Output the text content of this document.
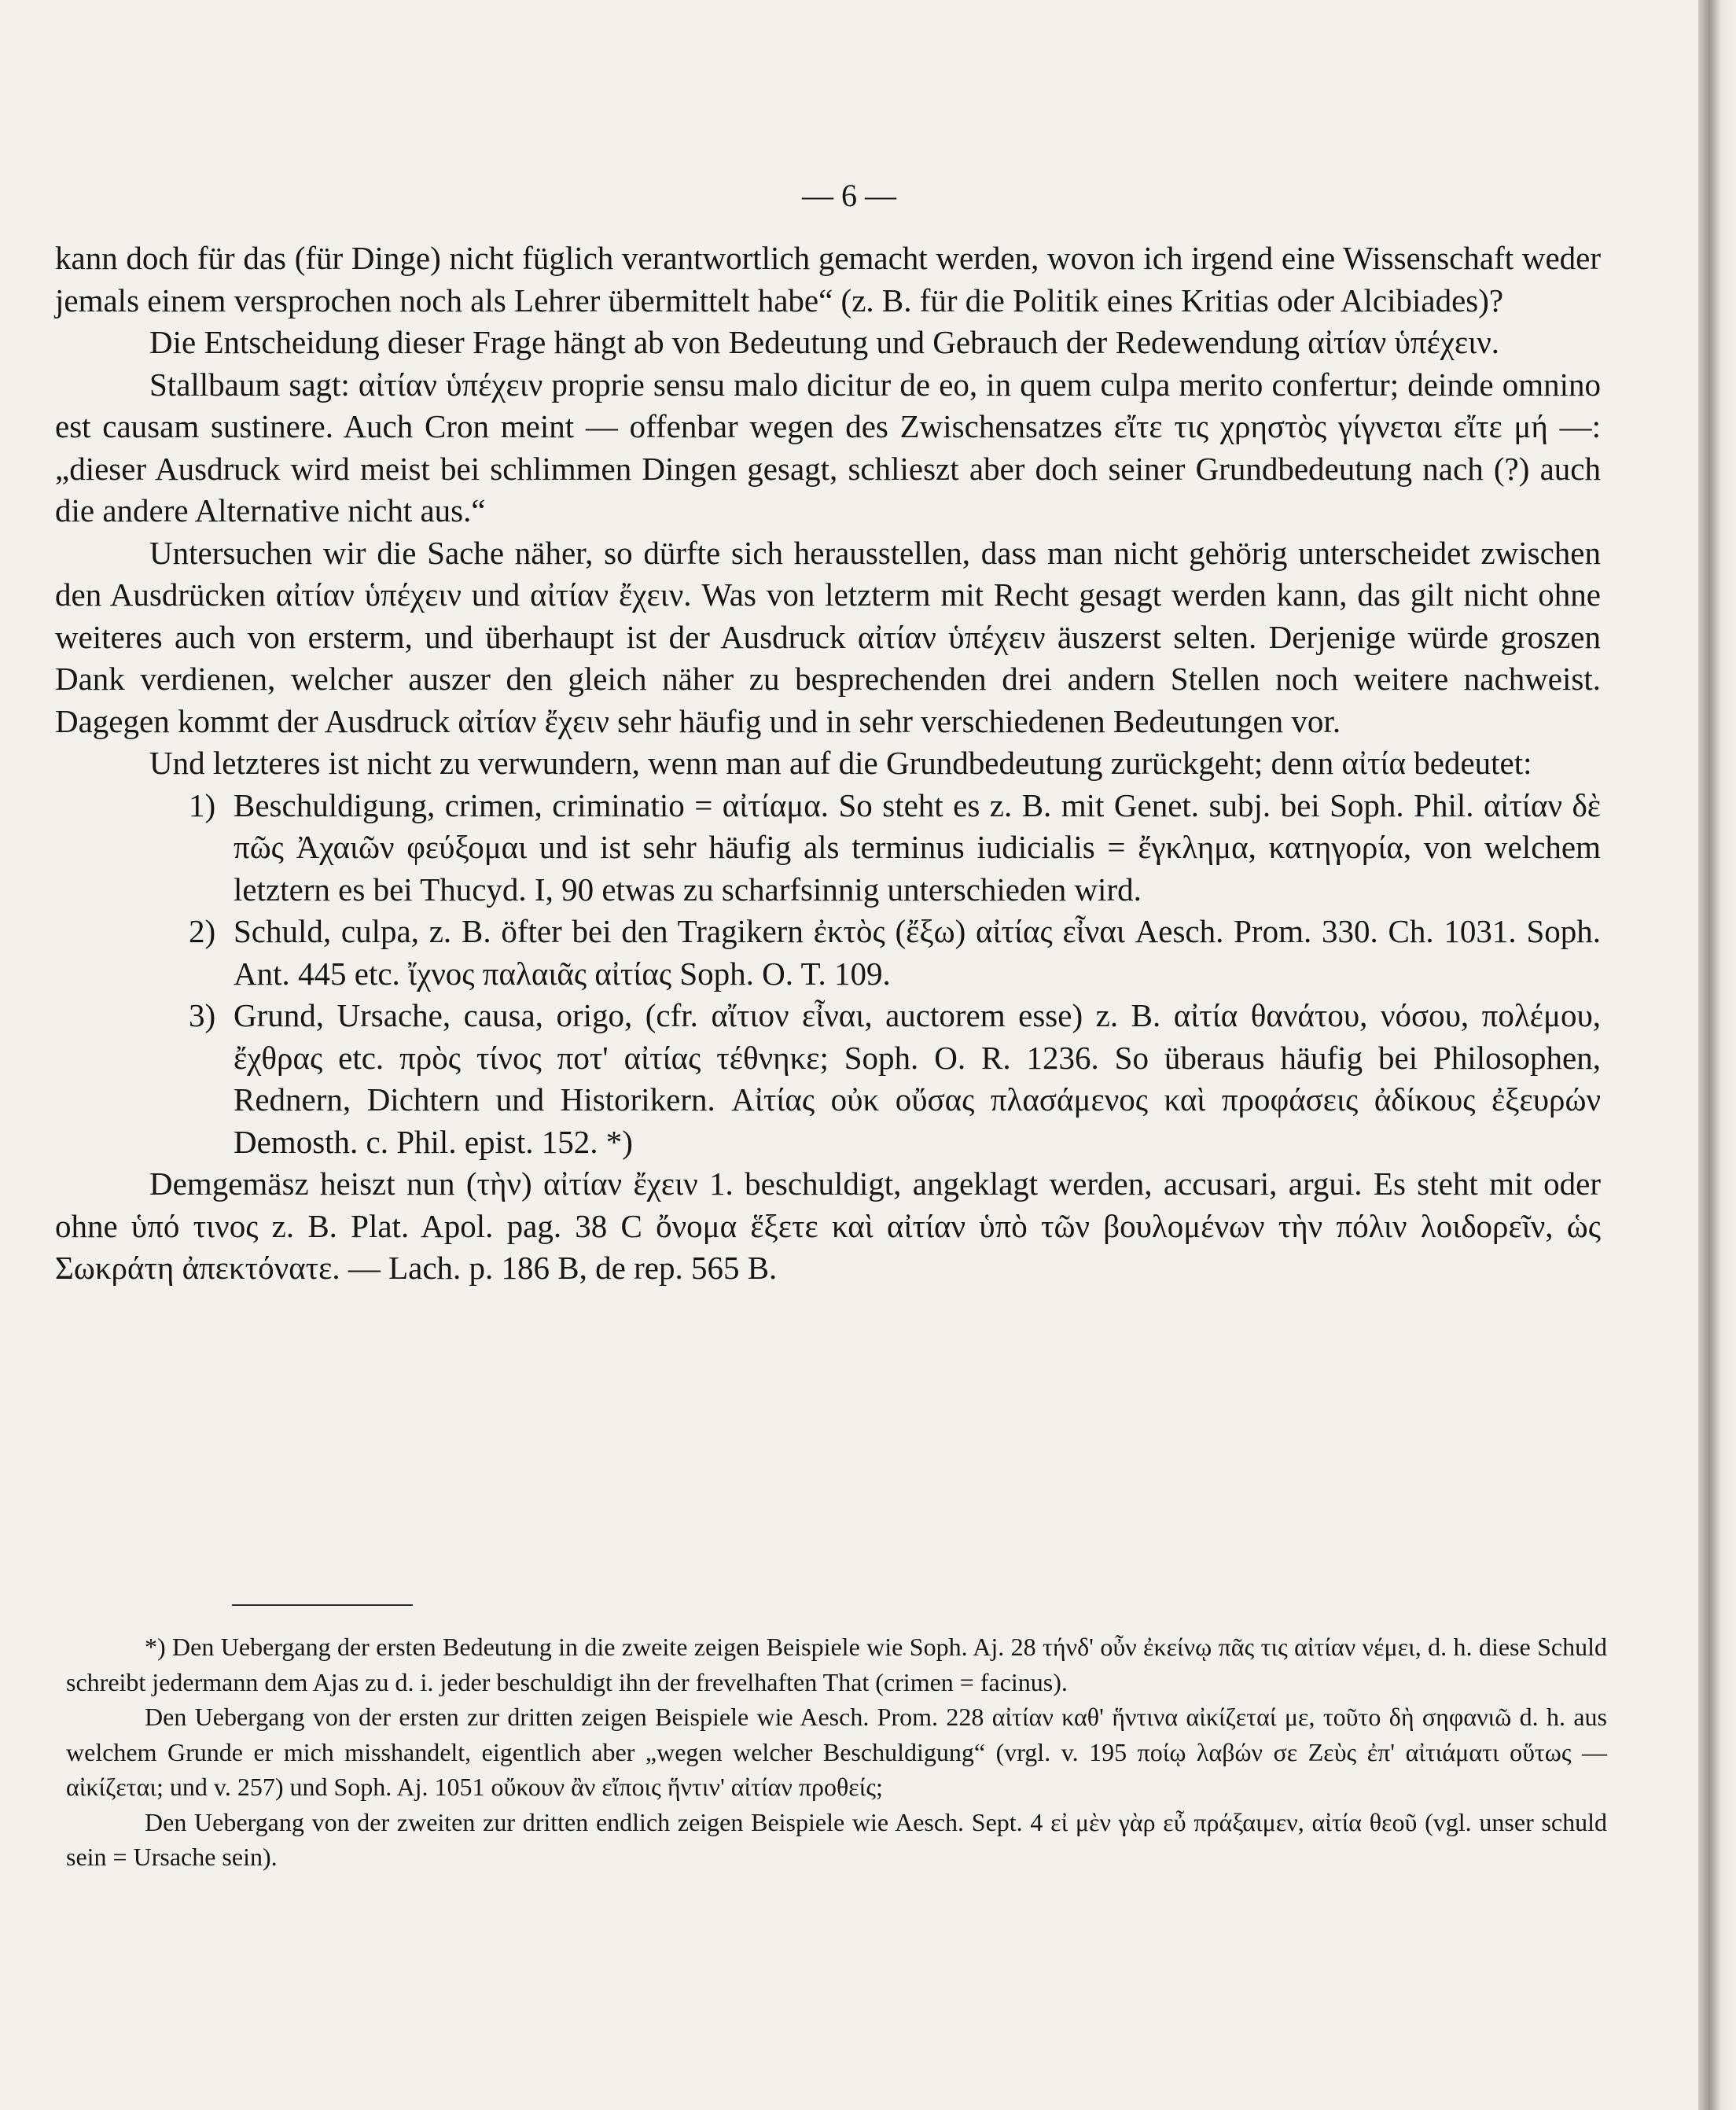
— 6 —

kann doch für das (für Dinge) nicht füglich verantwortlich gemacht werden, wovon ich irgend eine Wissenschaft weder jemals einem versprochen noch als Lehrer übermittelt habe“ (z. B. für die Politik eines Kritias oder Alcibiades)?

Die Entscheidung dieser Frage hängt ab von Bedeutung und Gebrauch der Redewendung αἰτίαν ὑπέχειν.

Stallbaum sagt: αἰτίαν ὑπέχειν proprie sensu malo dicitur de eo, in quem culpa merito confertur; deinde omnino est causam sustinere. Auch Cron meint — offenbar wegen des Zwischensatzes εἴτε τις χρηστὸς γίγνεται εἴτε μή —: „dieser Ausdruck wird meist bei schlimmen Dingen gesagt, schlieszt aber doch seiner Grundbedeutung nach (?) auch die andere Alternative nicht aus.“

Untersuchen wir die Sache näher, so dürfte sich herausstellen, dass man nicht gehörig unterscheidet zwischen den Ausdrücken αἰτίαν ὑπέχειν und αἰτίαν ἔχειν. Was von letzterm mit Recht gesagt werden kann, das gilt nicht ohne weiteres auch von ersterm, und überhaupt ist der Ausdruck αἰτίαν ὑπέχειν äuszerst selten. Derjenige würde groszen Dank verdienen, welcher auszer den gleich näher zu besprechenden drei andern Stellen noch weitere nachweist. Dagegen kommt der Ausdruck αἰτίαν ἔχειν sehr häufig und in sehr verschiedenen Bedeutungen vor.

Und letzteres ist nicht zu verwundern, wenn man auf die Grundbedeutung zurückgeht; denn αἰτία bedeutet:

1) Beschuldigung, crimen, criminatio = αἰτίαμα. So steht es z. B. mit Genet. subj. bei Soph. Phil. αἰτίαν δὲ πῶς Ἀχαιῶν φεύξομαι und ist sehr häufig als terminus iudicialis = ἔγκλημα, κατηγορία, von welchem letztern es bei Thucyd. I, 90 etwas zu scharfsinnig unterschieden wird.

2) Schuld, culpa, z. B. öfter bei den Tragikern ἐκτὸς (ἔξω) αἰτίας εἶναι Aesch. Prom. 330. Ch. 1031. Soph. Ant. 445 etc. ἴχνος παλαιᾶς αἰτίας Soph. O. T. 109.

3) Grund, Ursache, causa, origo, (cfr. αἴτιον εἶναι, auctorem esse) z. B. αἰτία θανάτου, νόσου, πολέμου, ἔχθρας etc. πρὸς τίνος ποτ' αἰτίας τέθνηκε; Soph. O. R. 1236. So überaus häufig bei Philosophen, Rednern, Dichtern und Historikern. Αἰτίας οὐκ οὔσας πλασάμενος καὶ προφάσεις ἀδίκους ἐξευρών Demosth. c. Phil. epist. 152. *)

Demgemäsz heiszt nun (τὴν) αἰτίαν ἔχειν 1. beschuldigt, angeklagt werden, accusari, argui. Es steht mit oder ohne ὑπό τινος z. B. Plat. Apol. pag. 38 C ὄνομα ἕξετε καὶ αἰτίαν ὑπὸ τῶν βουλομένων τὴν πόλιν λοιδορεῖν, ὡς Σωκράτη ἀπεκτόνατε. — Lach. p. 186 B, de rep. 565 B.

*) Den Uebergang der ersten Bedeutung in die zweite zeigen Beispiele wie Soph. Aj. 28 τήνδ' οὖν ἐκείνῳ πᾶς τις αἰτίαν νέμει, d. h. diese Schuld schreibt jedermann dem Ajas zu d. i. jeder beschuldigt ihn der frevelhaften That (crimen = facinus).

Den Uebergang von der ersten zur dritten zeigen Beispiele wie Aesch. Prom. 228 αἰτίαν καθ' ἥντινα αἰκίζεταί με, τοῦτο δὴ σηφανιῶ d. h. aus welchem Grunde er mich misshandelt, eigentlich aber „wegen welcher Beschuldigung“ (vrgl. v. 195 ποίῳ λαβών σε Ζεὺς ἐπ' αἰτιάματι οὕτως — αἰκίζεται; und v. 257) und Soph. Aj. 1051 οὔκουν ἂν εἴποις ἥντιν' αἰτίαν προθείς;

Den Uebergang von der zweiten zur dritten endlich zeigen Beispiele wie Aesch. Sept. 4 εἰ μὲν γὰρ εὖ πράξαιμεν, αἰτία θεοῦ (vgl. unser schuld sein = Ursache sein).
